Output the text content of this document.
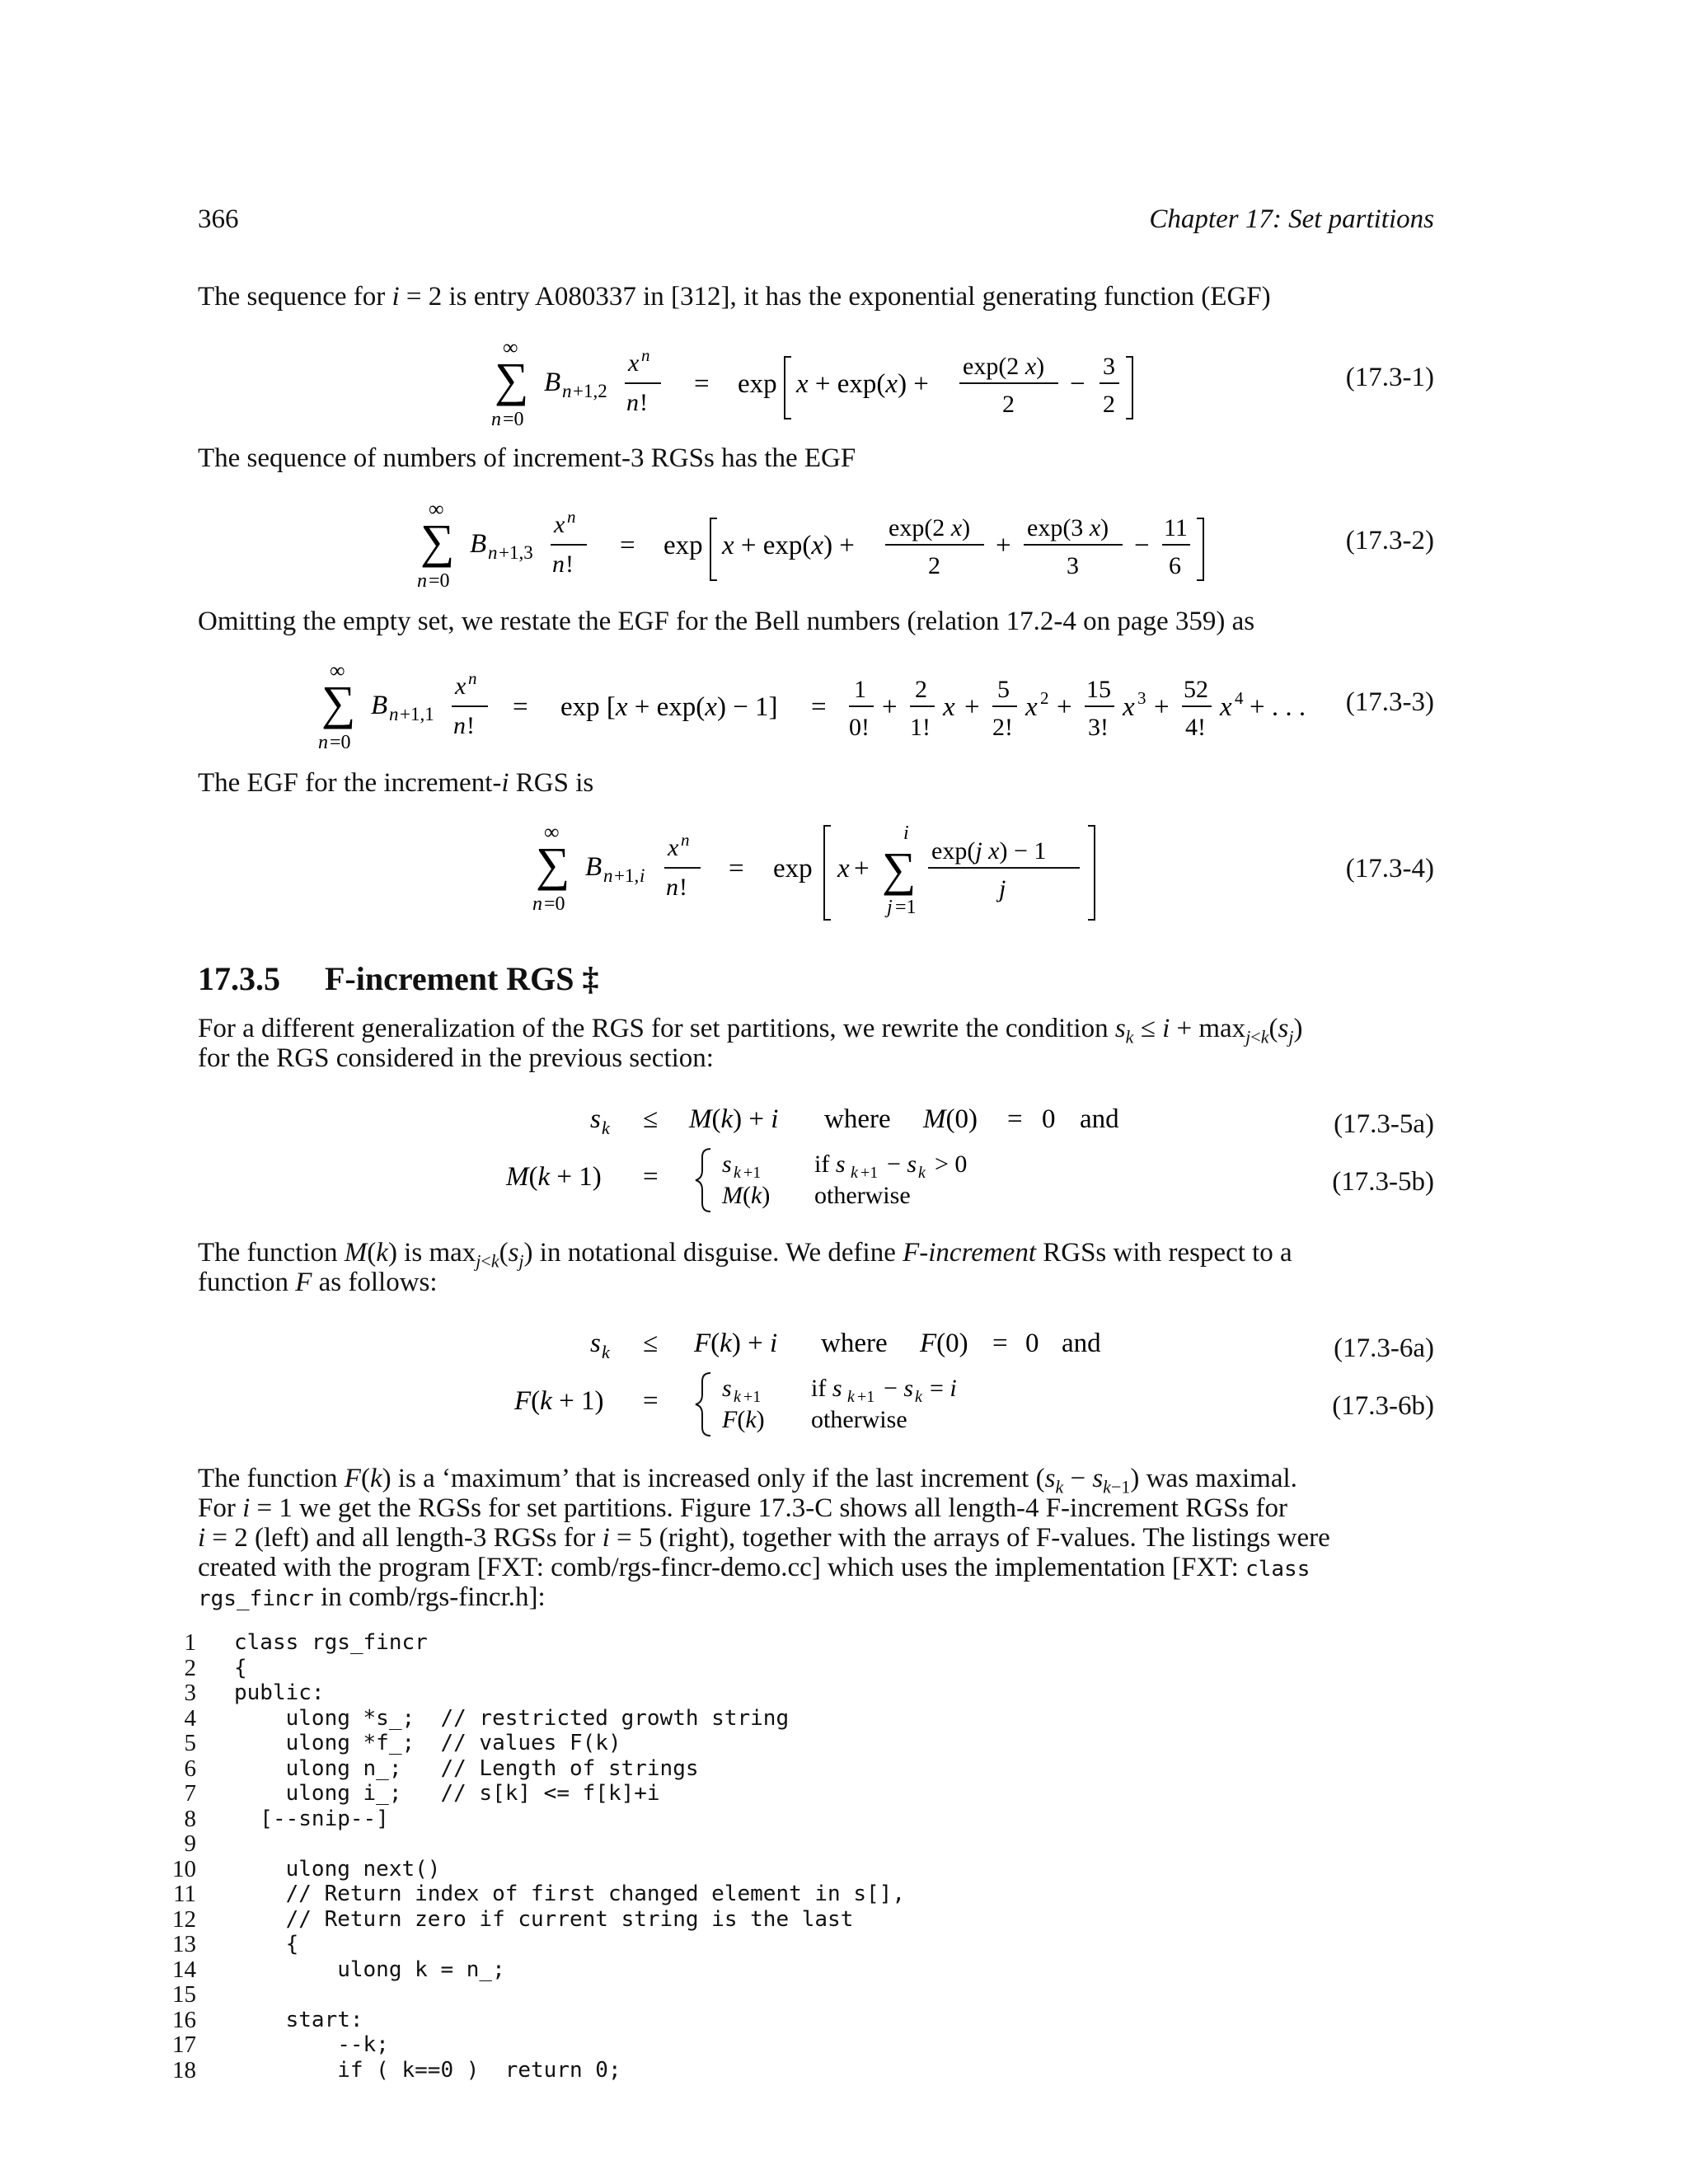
366	Chapter 17: Set partitions
The sequence for i = 2 is entry A080337 in [312], it has the exponential generating function (EGF)
∞
∑
n =0
B n +1,2
x n
n !
= exp x + exp(x) +
exp(2 x)
2
−
3
2
(17.3-1)
The sequence of numbers of increment-3 RGSs has the EGF
∞
∑
n =0
B n +1,3
x n
n !
= exp x + exp(x) +
exp(2 x)
2
+
exp(3 x)
3
−
11
6
(17.3-2)
Omitting the empty set, we restate the EGF for the Bell numbers (relation 17.2-4 on page 359) as
∞
∑
n =0
B n +1,1
x n
n !
= exp [x + exp(x) − 1] =
1
0!
+
2
1!
x +
5
2!
x 2 +
15
3!
x 3 +
52
4!
x 4 + . . . (17.3-3)
The EGF for the increment-i RGS is
∞
∑
n =0
B n +1, i
x n
n !
= exp x +
i
∑
j =1
exp(j x) − 1
j
(17.3-4)
17.3.5 F-increment RGS ‡
For a different generalization of the RGS for set partitions, we rewrite the condition $s_k \le i + \max_{j<k}(s_j)$
for the RGS considered in the previous section:
s k ≤ M(k) + i where M(0) = 0 and
M(k + 1) =	s k +1 if s k +1 − s k > 0
M(k) otherwise
(17.3-5a)
(17.3-5b)
The function M(k) is $\max_{j<k}(s_j)$ in notational disguise. We define F-increment RGSs with respect to a
function F as follows:
s k ≤ F(k) + i where F(0) = 0 and
F(k + 1) =	s k +1 if s k +1 − s k = i
F(k) otherwise
(17.3-6a)
(17.3-6b)
The function F(k) is a ‘maximum’ that is increased only if the last increment $(s_k - s_{k-1})$ was maximal.
For i = 1 we get the RGSs for set partitions. Figure 17.3-C shows all length-4 F-increment RGSs for
i = 2 (left) and all length-3 RGSs for i = 5 (right), together with the arrays of F-values. The listings were
created with the program [FXT: comb/rgs-fincr-demo.cc] which uses the implementation [FXT: class
rgs_fincr in comb/rgs-fincr.h]:
1
2
3
4
5
6
7
8
9
10
11
12
13
14
15
16
17
18
class rgs_fincr
{
public:
ulong *s_;  // restricted growth string
ulong *f_;  // values F(k)
ulong n_;   // Length of strings
ulong i_;   // s[k] <= f[k]+i
[--snip--]
ulong next()
// Return index of first changed element in s[],
// Return zero if current string is the last
{
ulong k = n_;
start:
--k;
if ( k==0 )  return 0;
